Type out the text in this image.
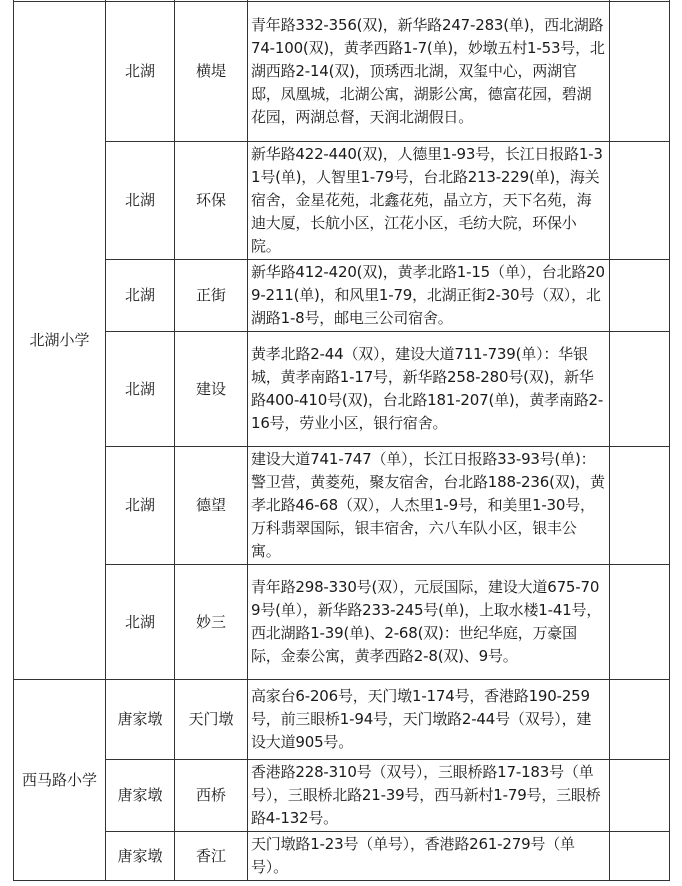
北湖小学	北湖	横堤	青年路332-356(双)，新华路247-283(单)，西北湖路74-100(双)，黄孝西路1-7(单)，妙墩五村1-53号，北湖西路2-14(双)，顶琇西北湖，双玺中心，两湖官邸，凤凰城，北湖公寓，湖影公寓，德富花园，碧湖花园，两湖总督，天润北湖假日。	
	北湖	环保	新华路422-440(双)，人德里1-93号，长江日报路1-31号(单)，人智里1-79号，台北路213-229(单)，海关宿舍，金星花苑，北鑫花苑，晶立方，天下名苑，海迪大厦，长航小区，江花小区，毛纺大院，环保小院。	
	北湖	正街	新华路412-420(双)，黄孝北路1-15（单），台北路209-211(单)，和风里1-79，北湖正街2-30号（双），北湖路1-8号，邮电三公司宿舍。	
	北湖	建设	黄孝北路2-44（双），建设大道711-739(单）：华银城，黄孝南路1-17号，新华路258-280号(双)，新华路400-410号(双)，台北路181-207(单)，黄孝南路2-16号，劳业小区，银行宿舍。	
	北湖	德望	建设大道741-747（单），长江日报路33-93号(单)：警卫营，黄菱苑，聚友宿舍，台北路188-236(双)，黄孝北路46-68（双），人杰里1-9号，和美里1-30号，万科翡翠国际，银丰宿舍，六八车队小区，银丰公寓。	
	北湖	妙三	青年路298-330号(双），元辰国际，建设大道675-709号(单），新华路233-245号(单)，上取水楼1-41号，西北湖路1-39(单)、2-68(双)：世纪华庭，万豪国际，金泰公寓，黄孝西路2-8(双)、9号。	
西马路小学	唐家墩	天门墩	高家台6-206号，天门墩1-174号，香港路190-259号，前三眼桥1-94号，天门墩路2-44号（双号），建设大道905号。	
	唐家墩	西桥	香港路228-310号（双号），三眼桥路17-183号（单号），三眼桥北路21-39号，西马新村1-79号，三眼桥路4-132号。	
	唐家墩	香江	天门墩路1-23号（单号），香港路261-279号（单号）。	
